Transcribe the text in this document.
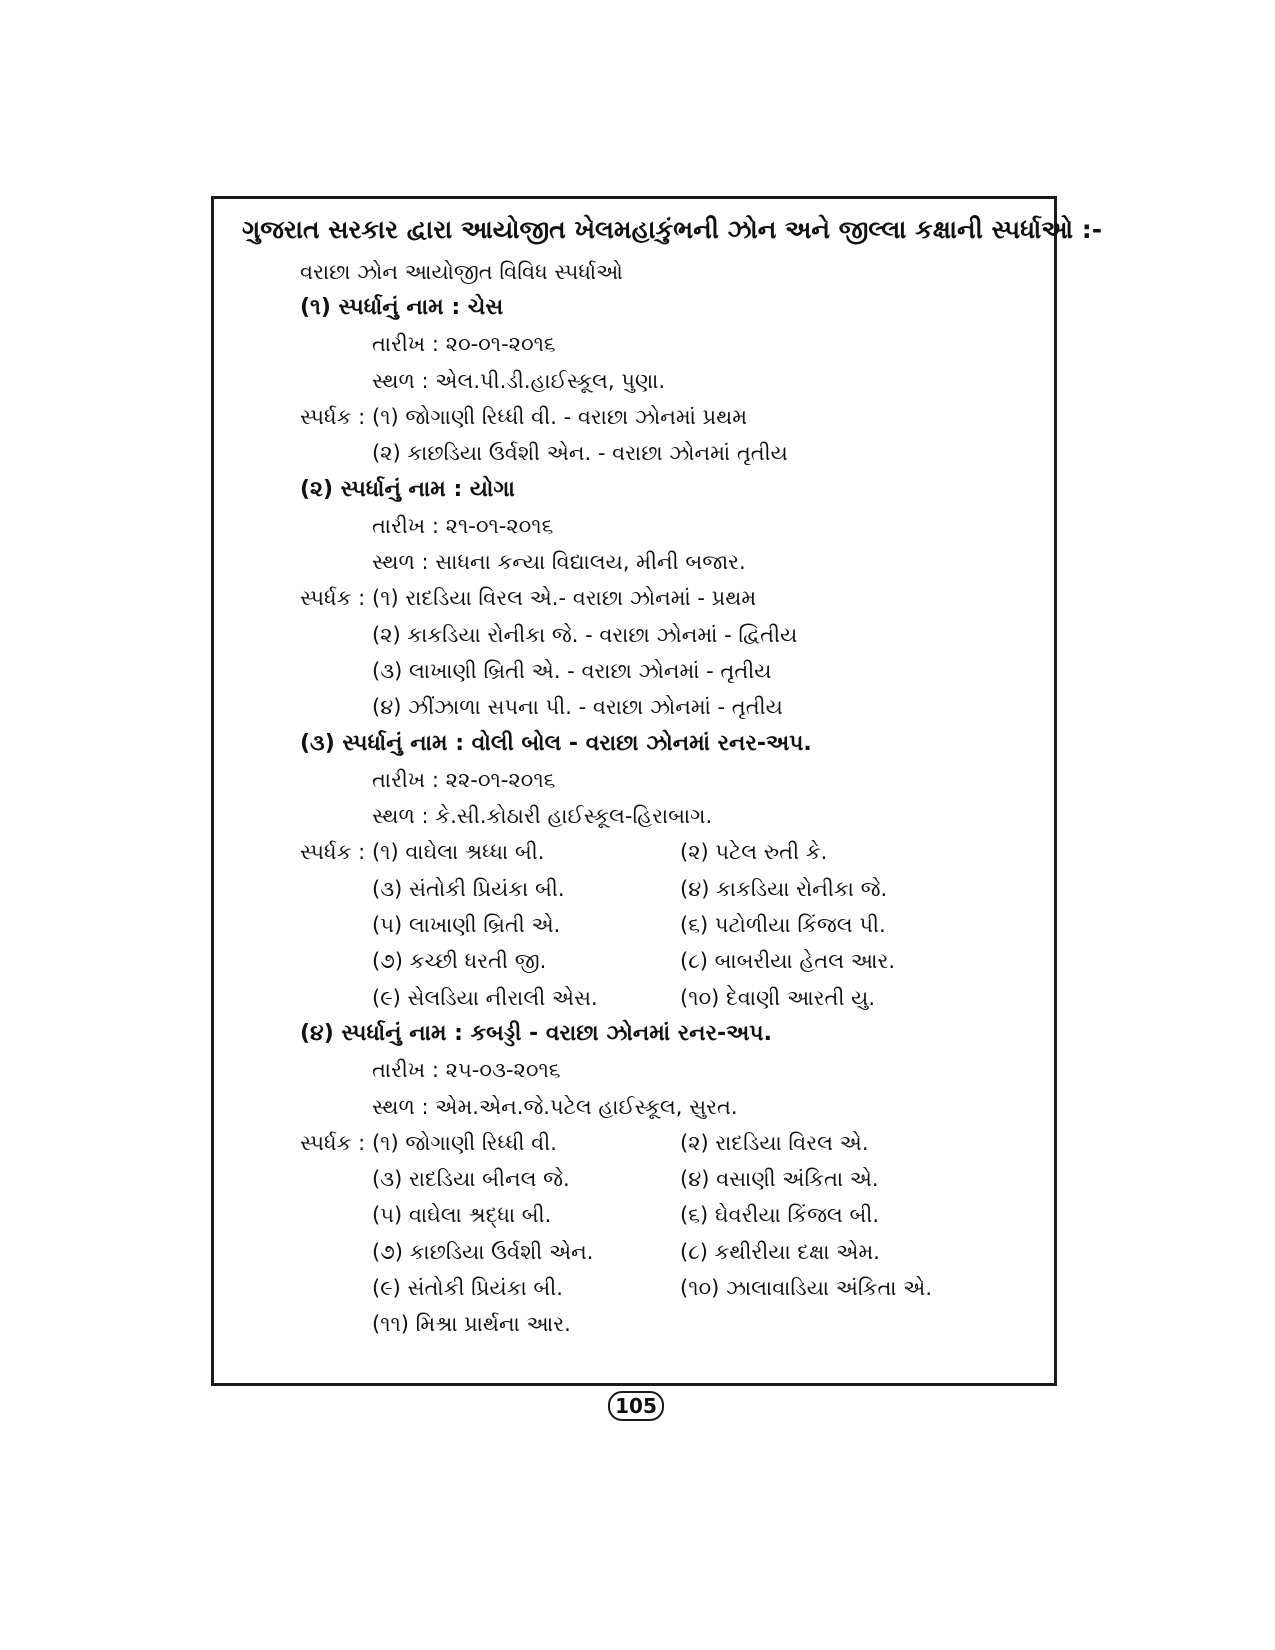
ગુજરાત સરકાર દ્વારા આયોજીત ખેલમહાકુંભની ઝોન અને જીલ્લા કક્ષાની સ્પર્ધાઓ :-
વરાછા ઝોન આયોજીત વિવિધ સ્પર્ધાઓ
(૧) સ્પર્ધાનું નામ : ચેસ
તારીખ : ૨૦-૦૧-૨૦૧૬
સ્થળ : એલ.પી.ડી.હાઈસ્કૂલ, પુણા.
સ્પર્ધક : (૧) જોગાણી રિધ્ધી વી. - વરાછા ઝોનમાં પ્રથમ
(૨) કાછડિયા ઉર્વશી એન. - વરાછા ઝોનમાં તૃતીય
(૨) સ્પર્ધાનું નામ : યોગા
તારીખ : ૨૧-૦૧-૨૦૧૬
સ્થળ : સાધના કન્યા વિદ્યાલય, મીની બજાર.
સ્પર્ધક : (૧) રાદડિયા વિરલ એ.- વરાછા ઝોનમાં - પ્રથમ
(૨) કાકડિયા રોનીકા જે. - વરાછા ઝોનમાં - દ્વિતીય
(૩) લાખાણી બ્રિતી એ. - વરાછા ઝોનમાં - તૃતીય
(૪) ઝીંઝાળા સપના પી. - વરાછા ઝોનમાં - તૃતીય
(૩) સ્પર્ધાનું નામ : વોલી બોલ - વરાછા ઝોનમાં રનર-અપ.
તારીખ : ૨૨-૦૧-૨૦૧૬
સ્થળ : કે.સી.કોઠારી હાઈસ્કૂલ-હિરાબાગ.
સ્પર્ધક : (૧) વાઘેલા શ્રધ્ધા બી.	(૨) પટેલ રુતી કે.
(૩) સંતોકી પ્રિયંકા બી.	(૪) કાકડિયા રોનીકા જે.
(૫) લાખાણી બ્રિતી એ.	(૬) પટોળીયા કિંજલ પી.
(૭) કચ્છી ધરતી જી.	(૮) બાબરીયા હેતલ આર.
(૯) સેલડિયા નીરાલી એસ.	(૧૦) દેવાણી આરતી યુ.
(૪) સ્પર્ધાનું નામ : કબડ્ડી - વરાછા ઝોનમાં રનર-અપ.
તારીખ : ૨૫-૦૩-૨૦૧૬
સ્થળ : એમ.એન.જે.પટેલ હાઈસ્કૂલ, સુરત.
સ્પર્ધક : (૧) જોગાણી રિધ્ધી વી.	(૨) રાદડિયા વિરલ એ.
(૩) રાદડિયા બીનલ જે.	(૪) વસાણી અંકિતા એ.
(૫) વાઘેલા શ્રદ્ધા બી.	(૬) ઘેવરીયા કિંજલ બી.
(૭) કાછડિયા ઉર્વશી એન.	(૮) કથીરીયા દક્ષા એમ.
(૯) સંતોકી પ્રિયંકા બી.	(૧૦) ઝાલાવાડિયા અંકિતા એ.
(૧૧) મિશ્રા પ્રાર્થના આર.
105
